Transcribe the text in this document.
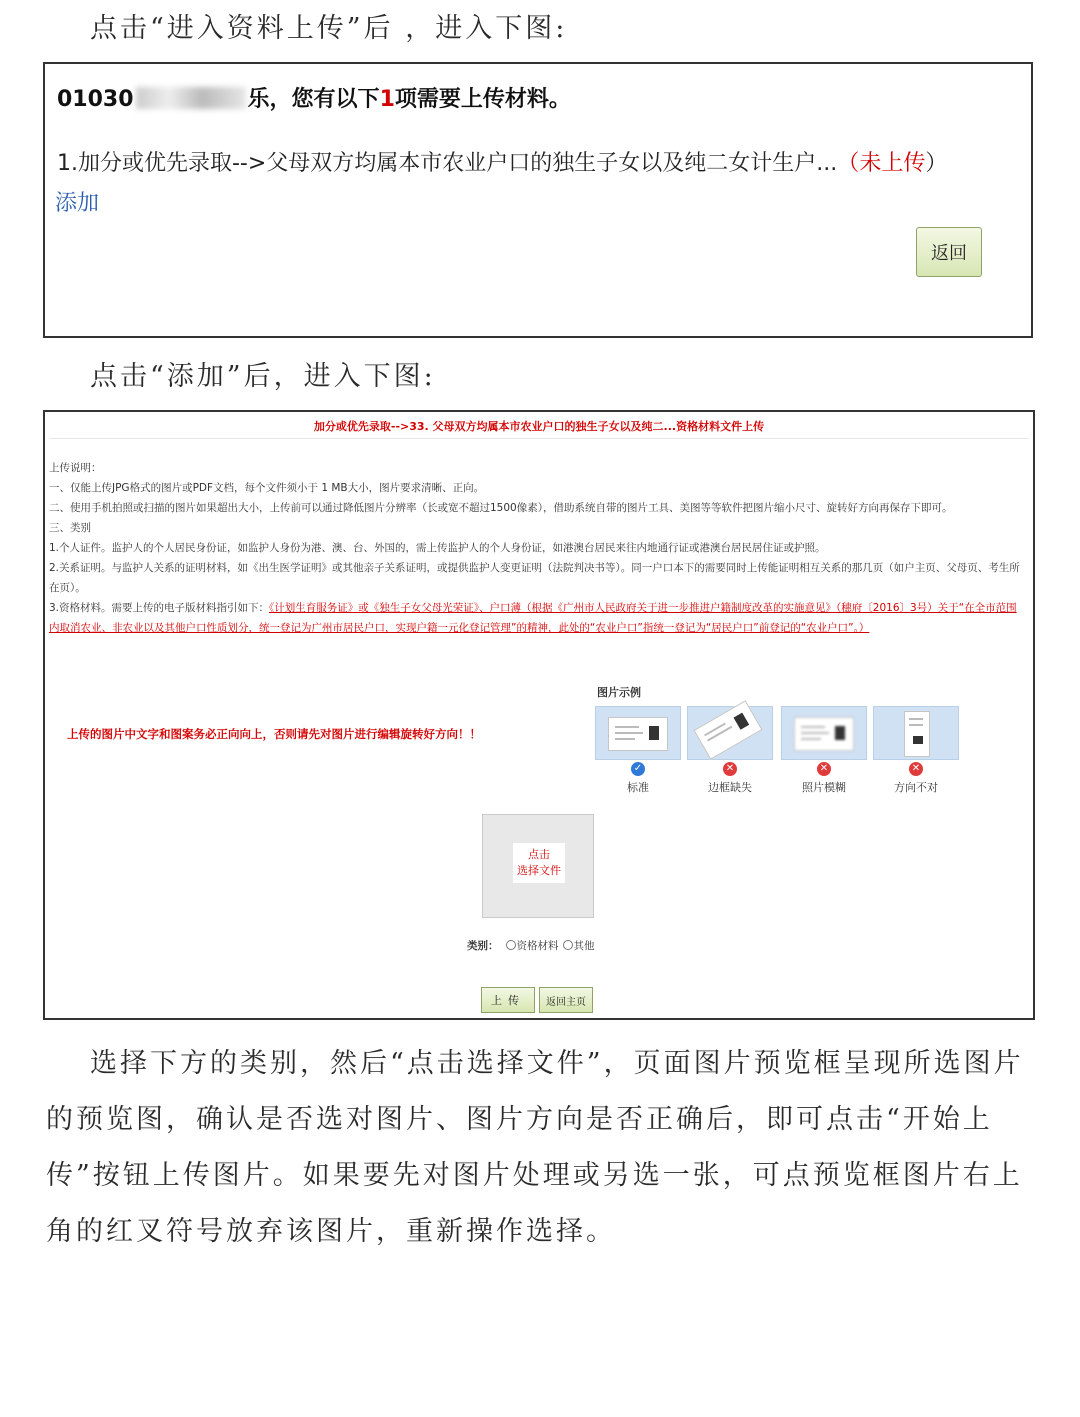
点击“进入资料上传”后 ，进入下图:

01030	乐，您有以下1项需要上传材料。
1.加分或优先录取-->父母双方均属本市农业户口的独生子女以及纯二女计生户...（未上传）
添加
返回

点击“添加”后，进入下图:

加分或优先录取-->33. 父母双方均属本市农业户口的独生子女以及纯二...资格材料文件上传
上传说明：
一、仅能上传JPG格式的图片或PDF文档，每个文件须小于 1 MB大小，图片要求清晰、正向。
二、使用手机拍照或扫描的图片如果超出大小，上传前可以通过降低图片分辨率（长或宽不超过1500像素），借助系统自带的图片工具、美图等等软件把图片缩小尺寸、旋转好方向再保存下即可。
三、类别
1.个人证件。监护人的个人居民身份证，如监护人身份为港、澳、台、外国的，需上传监护人的个人身份证，如港澳台居民来往内地通行证或港澳台居民居住证或护照。
2.关系证明。与监护人关系的证明材料，如《出生医学证明》或其他亲子关系证明，或提供监护人变更证明（法院判决书等）。同一户口本下的需要同时上传能证明相互关系的那几页（如户主页、父母页、考生所在页）。
3.资格材料。需要上传的电子版材料指引如下：《计划生育服务证》或《独生子女父母光荣证》、户口薄（根据《广州市人民政府关于进一步推进户籍制度改革的实施意见》（穗府〔2016〕3号）关于“在全市范围内取消农业、非农业以及其他户口性质划分，统一登记为广州市居民户口，实现户籍一元化登记管理”的精神，此处的“农业户口”指统一登记为“居民户口”前登记的“农业户口”。）
上传的图片中文字和图案务必正向向上，否则请先对图片进行编辑旋转好方向！！
图片示例
✓
标准
✕
边框缺失
✕
照片模糊
✕
方向不对
点击
选择文件
类别： 资格材料 其他
上传	返回主页

选择下方的类别，然后“点击选择文件”，页面图片预览框呈现所选图片的预览图，确认是否选对图片、图片方向是否正确后，即可点击“开始上传”按钮上传图片。如果要先对图片处理或另选一张，可点预览框图片右上角的红叉符号放弃该图片，重新操作选择。
